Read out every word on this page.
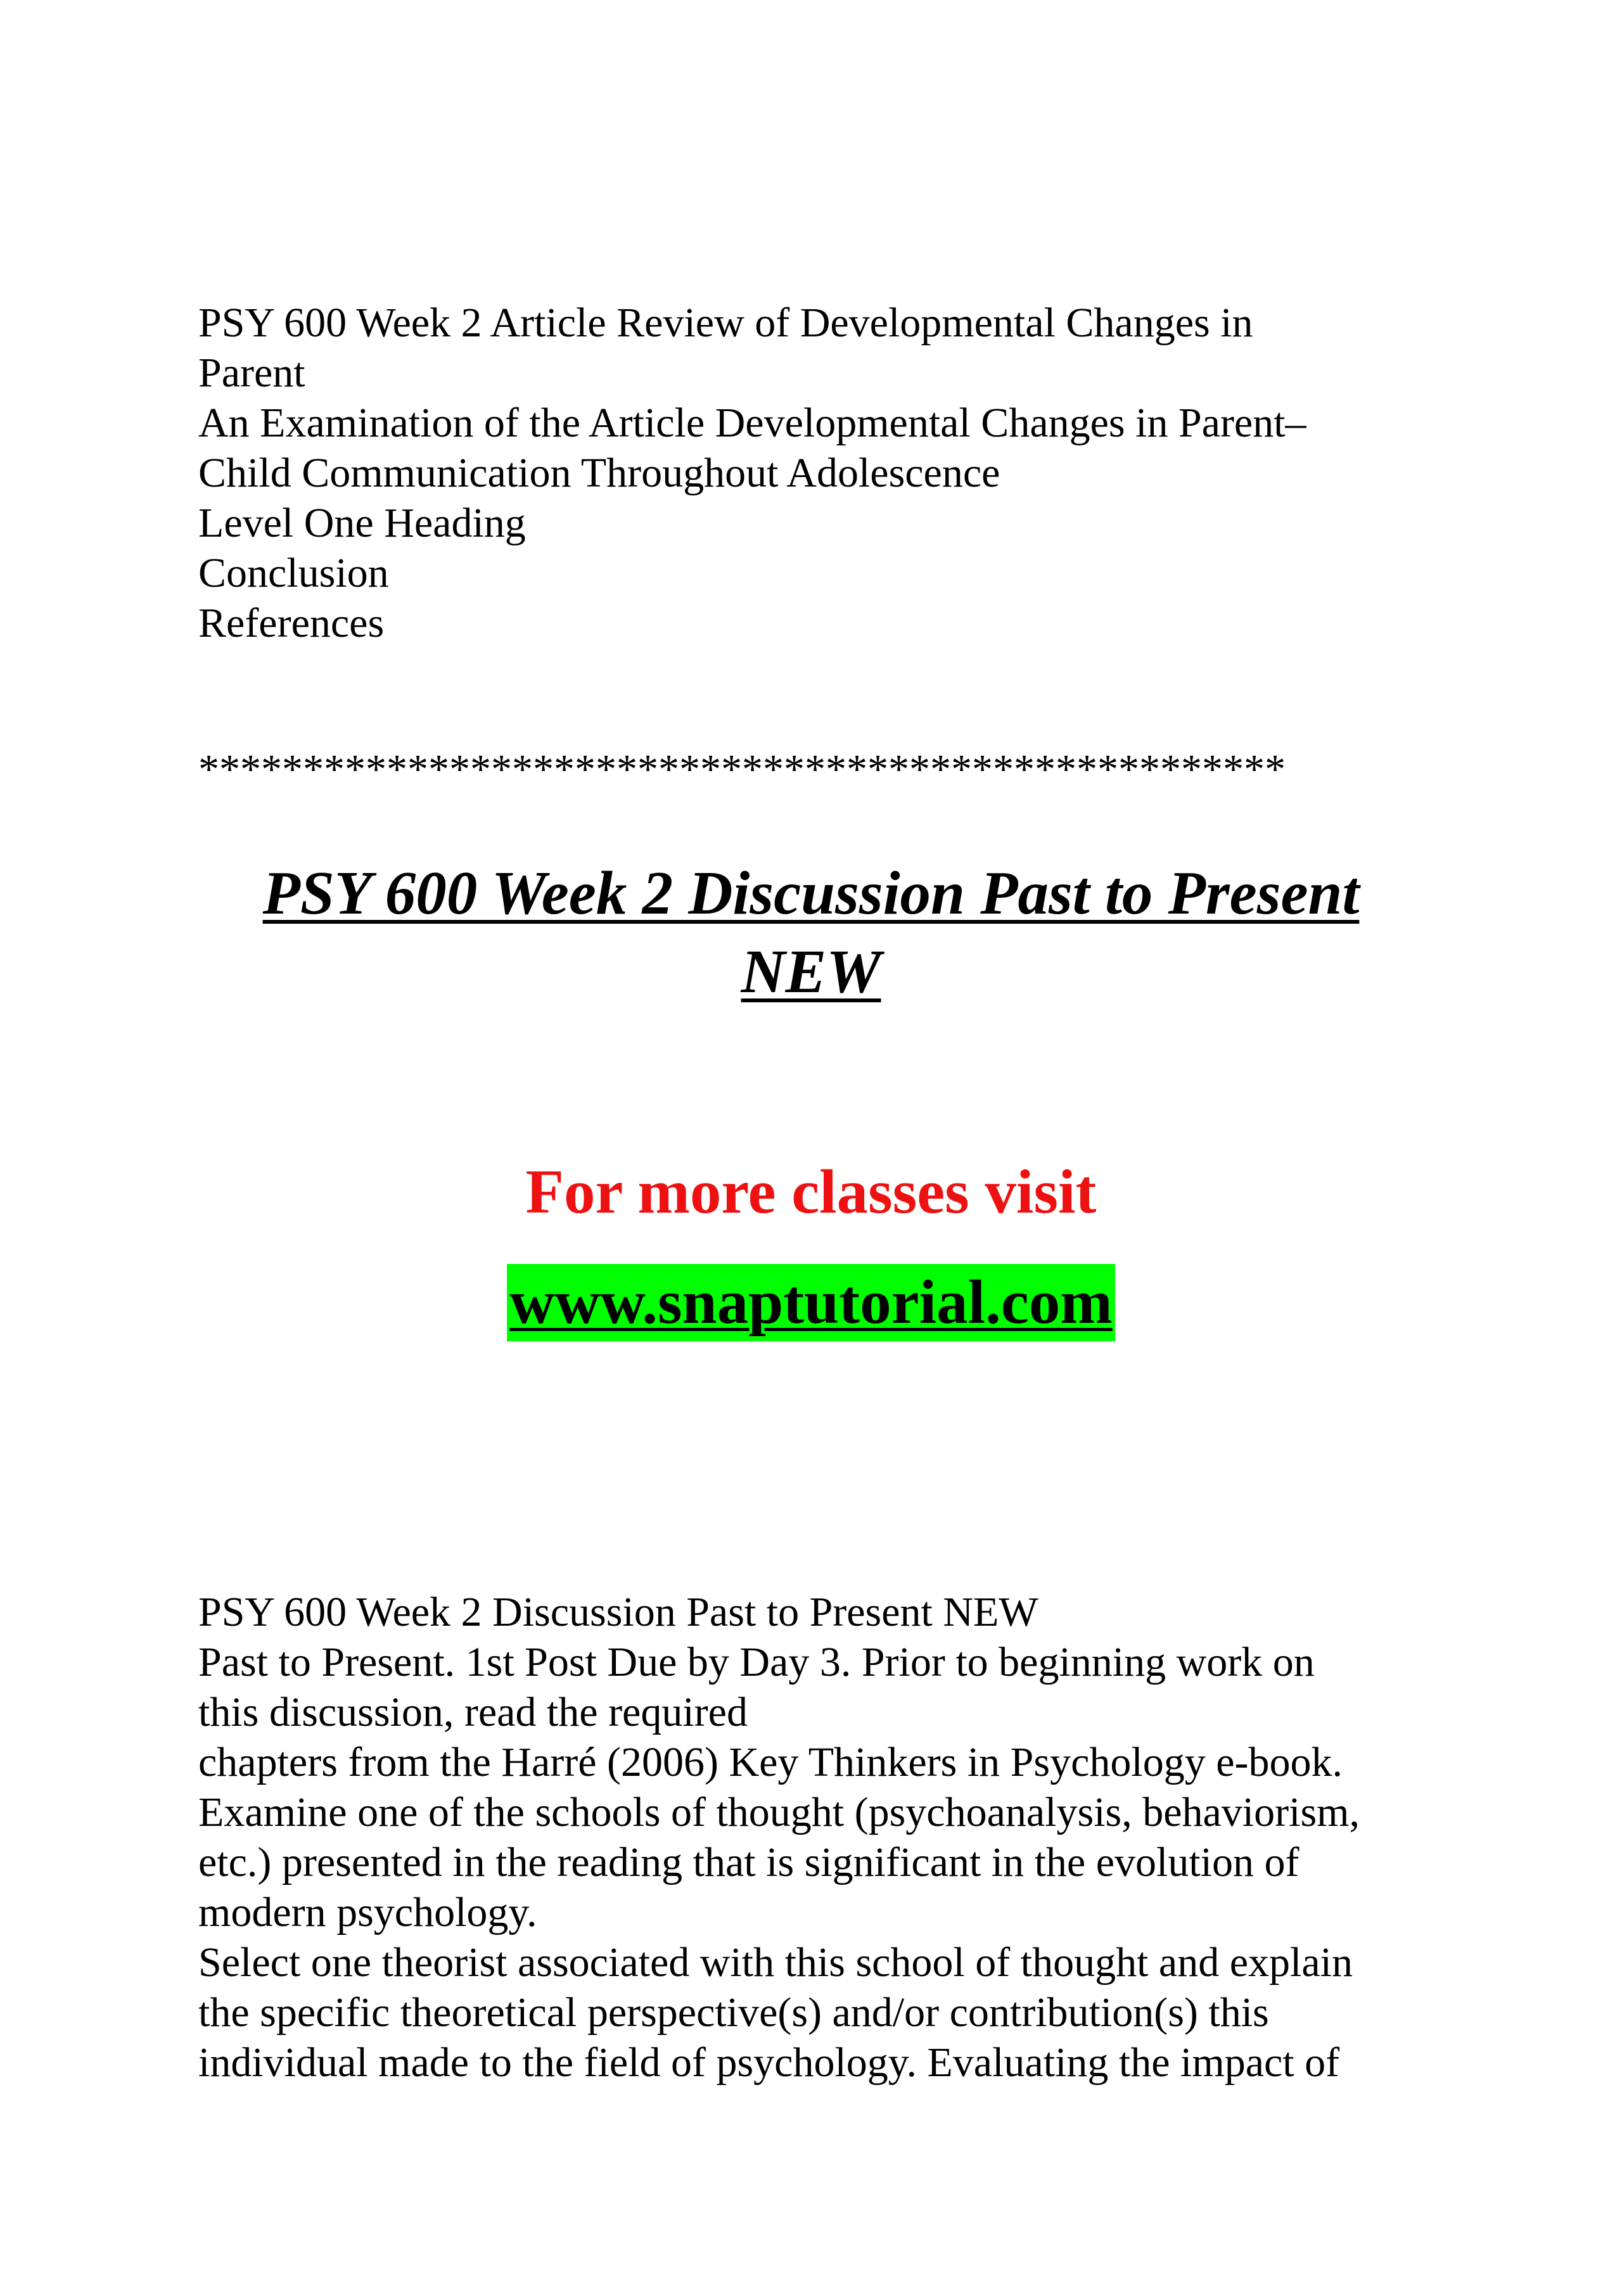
PSY 600 Week 2 Article Review of Developmental Changes in
Parent
An Examination of the Article Developmental Changes in Parent–
Child Communication Throughout Adolescence
Level One Heading
Conclusion
References
****************************************************
PSY 600 Week 2 Discussion Past to Present
NEW
For more classes visit
www.snaptutorial.com
PSY 600 Week 2 Discussion Past to Present NEW
Past to Present. 1st Post Due by Day 3. Prior to beginning work on
this discussion, read the required
chapters from the Harré (2006) Key Thinkers in Psychology e-book.
Examine one of the schools of thought (psychoanalysis, behaviorism,
etc.) presented in the reading that is significant in the evolution of
modern psychology.
Select one theorist associated with this school of thought and explain
the specific theoretical perspective(s) and/or contribution(s) this
individual made to the field of psychology. Evaluating the impact of
